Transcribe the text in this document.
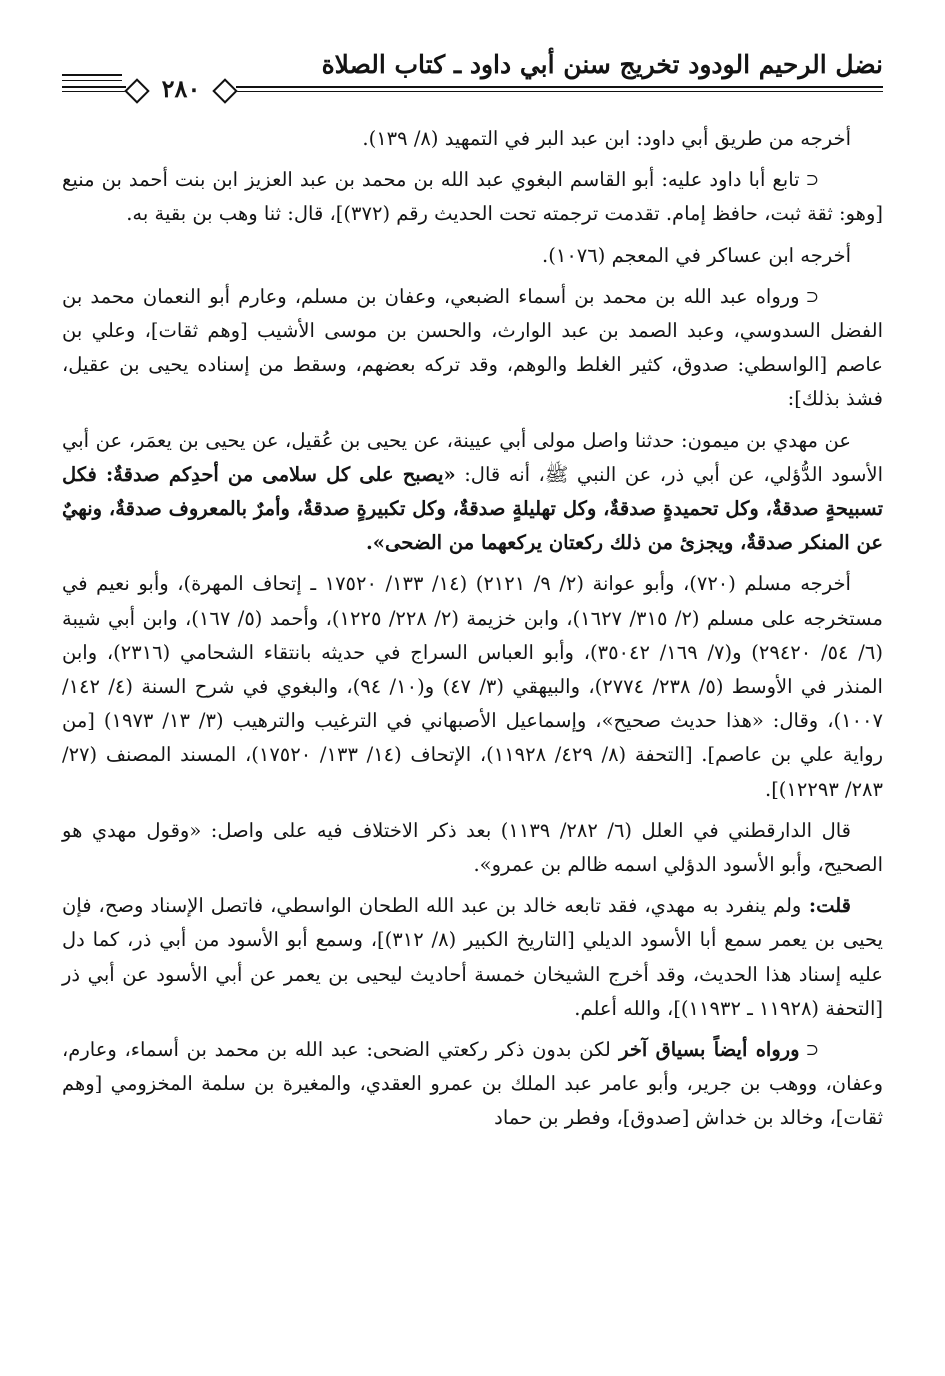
نضل الرحيم الودود تخريج سنن أبي داود ـ كتاب الصلاة
٢٨٠

أخرجه من طريق أبي داود: ابن عبد البر في التمهيد (٨/ ١٣٩).

⊂تابع أبا داود عليه: أبو القاسم البغوي عبد الله بن محمد بن عبد العزيز ابن بنت أحمد بن منيع [وهو: ثقة ثبت، حافظ إمام. تقدمت ترجمته تحت الحديث رقم (٣٧٢)]، قال: ثنا وهب بن بقية به.

أخرجه ابن عساكر في المعجم (١٠٧٦).

⊂ورواه عبد الله بن محمد بن أسماء الضبعي، وعفان بن مسلم، وعارم أبو النعمان محمد بن الفضل السدوسي، وعبد الصمد بن عبد الوارث، والحسن بن موسى الأشيب [وهم ثقات]، وعلي بن عاصم [الواسطي: صدوق، كثير الغلط والوهم، وقد تركه بعضهم، وسقط من إسناده يحيى بن عقيل، فشذ بذلك]:

عن مهدي بن ميمون: حدثنا واصل مولى أبي عيينة، عن يحيى بن عُقيل، عن يحيى بن يعمَر، عن أبي الأسود الدُّؤلي، عن أبي ذر، عن النبي ﷺ، أنه قال: «يصبح على كل سلامى من أحدِكم صدقةٌ: فكل تسبيحةٍ صدقةٌ، وكل تحميدةٍ صدقةٌ، وكل تهليلةٍ صدقةٌ، وكل تكبيرةٍ صدقةٌ، وأمرٌ بالمعروف صدقةٌ، ونهيٌ عن المنكر صدقةٌ، ويجزئ من ذلك ركعتان يركعهما من الضحى».

أخرجه مسلم (٧٢٠)، وأبو عوانة (٢/ ٩/ ٢١٢١) (١٤/ ١٣٣/ ١٧٥٢٠ ـ إتحاف المهرة)، وأبو نعيم في مستخرجه على مسلم (٢/ ٣١٥/ ١٦٢٧)، وابن خزيمة (٢/ ٢٢٨/ ١٢٢٥)، وأحمد (٥/ ١٦٧)، وابن أبي شيبة (٦/ ٥٤/ ٢٩٤٢٠) و(٧/ ١٦٩/ ٣٥٠٤٢)، وأبو العباس السراج في حديثه بانتقاء الشحامي (٢٣١٦)، وابن المنذر في الأوسط (٥/ ٢٣٨/ ٢٧٧٤)، والبيهقي (٣/ ٤٧) و(١٠/ ٩٤)، والبغوي في شرح السنة (٤/ ١٤٢/ ١٠٠٧)، وقال: «هذا حديث صحيح»، وإسماعيل الأصبهاني في الترغيب والترهيب (٣/ ١٣/ ١٩٧٣) [من رواية علي بن عاصم]. [التحفة (٨/ ٤٢٩/ ١١٩٢٨)، الإتحاف (١٤/ ١٣٣/ ١٧٥٢٠)، المسند المصنف (٢٧/ ٢٨٣/ ١٢٢٩٣)].

قال الدارقطني في العلل (٦/ ٢٨٢/ ١١٣٩) بعد ذكر الاختلاف فيه على واصل: «وقول مهدي هو الصحيح، وأبو الأسود الدؤلي اسمه ظالم بن عمرو».

قلت: ولم ينفرد به مهدي، فقد تابعه خالد بن عبد الله الطحان الواسطي، فاتصل الإسناد وصح، فإن يحيى بن يعمر سمع أبا الأسود الديلي [التاريخ الكبير (٨/ ٣١٢)]، وسمع أبو الأسود من أبي ذر، كما دل عليه إسناد هذا الحديث، وقد أخرج الشيخان خمسة أحاديث ليحيى بن يعمر عن أبي الأسود عن أبي ذر [التحفة (١١٩٢٨ ـ ١١٩٣٢)]، والله أعلم.

⊂ورواه أيضاً بسياق آخر لكن بدون ذكر ركعتي الضحى: عبد الله بن محمد بن أسماء، وعارم، وعفان، ووهب بن جرير، وأبو عامر عبد الملك بن عمرو العقدي، والمغيرة بن سلمة المخزومي [وهم ثقات]، وخالد بن خداش [صدوق]، وفطر بن حماد
